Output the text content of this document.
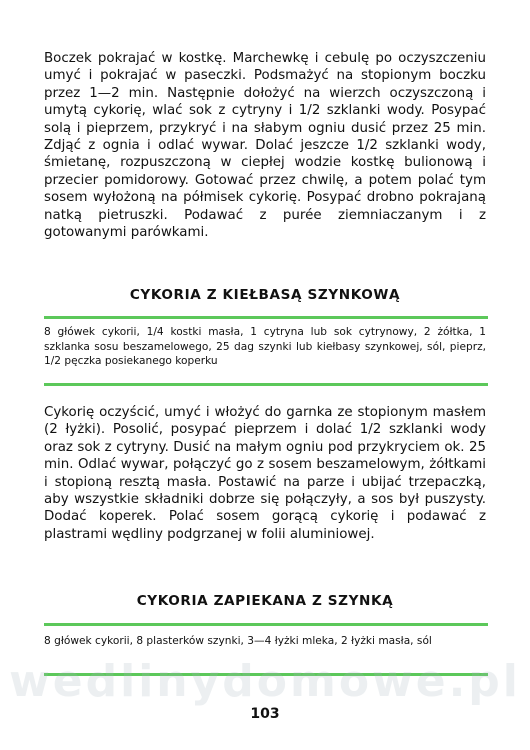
Boczek pokrajać w kostkę. Marchewkę i cebulę po oczyszczeniu umyć i pokrajać w paseczki. Podsmażyć na stopionym boczku przez 1—2 min. Następnie dołożyć na wierzch oczyszczoną i umytą cykorię, wlać sok z cytryny i 1/2 szklanki wody. Posypać solą i pieprzem, przykryć i na słabym ogniu dusić przez 25 min. Zdjąć z ognia i odlać wywar. Dolać jeszcze 1/2 szklanki wody, śmietanę, rozpuszczoną w ciepłej wodzie kostkę bulionową i przecier pomidorowy. Gotować przez chwilę, a potem polać tym sosem wyłożoną na półmisek cykorię. Posypać drobno pokrajaną natką pietruszki. Podawać z purée ziemniaczanym i z gotowanymi parówkami.

CYKORIA Z KIEŁBASĄ SZYNKOWĄ

8 główek cykorii, 1/4 kostki masła, 1 cytryna lub sok cytrynowy, 2 żółtka, 1 szklanka sosu beszamelowego, 25 dag szynki lub kiełbasy szynkowej, sól, pieprz, 1/2 pęczka posiekanego koperku

Cykorię oczyścić, umyć i włożyć do garnka ze stopionym masłem (2 łyżki). Posolić, posypać pieprzem i dolać 1/2 szklanki wody oraz sok z cytryny. Dusić na małym ogniu pod przykryciem ok. 25 min. Odlać wywar, połączyć go z sosem beszamelowym, żółtkami i stopioną resztą masła. Postawić na parze i ubijać trzepaczką, aby wszystkie składniki dobrze się połączyły, a sos był puszysty. Dodać koperek. Polać sosem gorącą cykorię i podawać z plastrami wędliny podgrzanej w folii aluminiowej.

CYKORIA ZAPIEKANA Z SZYNKĄ

8 główek cykorii, 8 plasterków szynki, 3—4 łyżki mleka, 2 łyżki masła, sól

wedlinydomowe.pl
103
